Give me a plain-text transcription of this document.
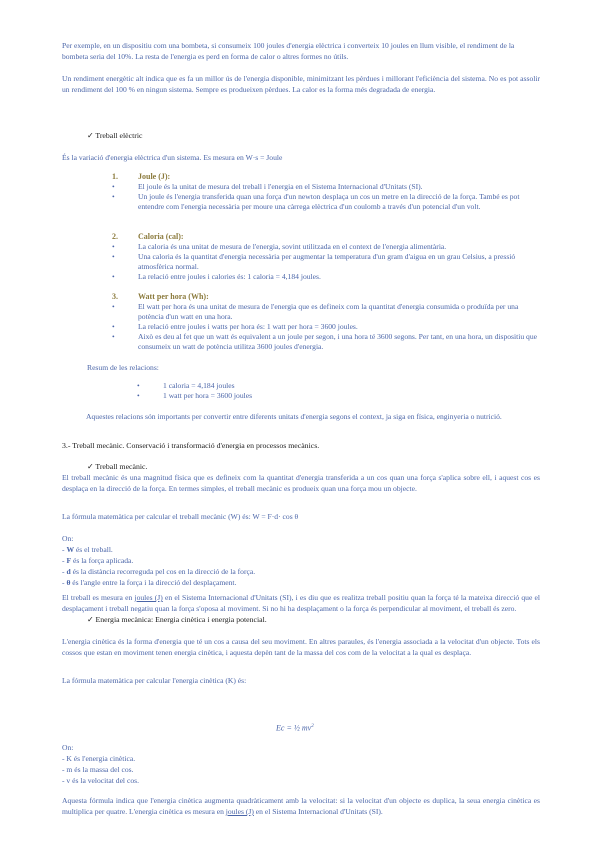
Per exemple, en un dispositiu com una bombeta, si consumeix 100 joules d'energia elèctrica i converteix 10 joules en llum visible, el rendiment de la bombeta seria del 10%. La resta de l'energia es perd en forma de calor o altres formes no útils.

Un rendiment energètic alt indica que es fa un millor ús de l'energia disponible, minimitzant les pèrdues i millorant l'eficiència del sistema. No es pot assolir un rendiment del 100 % en ningun sistema. Sempre es produeixen pèrdues. La calor es la forma més degradada de energia.

✓ Treball elèctric

És la variació d'energia elèctrica d'un sistema. Es mesura en W·s = Joule

1.	Joule (J):

•	El joule és la unitat de mesura del treball i l'energia en el Sistema Internacional d'Unitats (SI).
•	Un joule és l'energia transferida quan una força d'un newton desplaça un cos un metre en la direcció de la força. També es pot entendre com l'energia necessària per moure una càrrega elèctrica d'un coulomb a través d'un potencial d'un volt.

2.	Caloria (cal):

•	La caloria és una unitat de mesura de l'energia, sovint utilitzada en el context de l'energia alimentària.
•	Una caloria és la quantitat d'energia necessària per augmentar la temperatura d'un gram d'aigua en un grau Celsius, a pressió atmosfèrica normal.
•	La relació entre joules i calories és: 1 caloria = 4,184 joules.

3.	Watt per hora (Wh):

•	El watt per hora és una unitat de mesura de l'energia que es defineix com la quantitat d'energia consumida o produïda per una potència d'un watt en una hora.
•	La relació entre joules i watts per hora és: 1 watt per hora = 3600 joules.
•	Això es deu al fet que un watt és equivalent a un joule per segon, i una hora té 3600 segons. Per tant, en una hora, un dispositiu que consumeix un watt de potència utilitza 3600 joules d'energia.

Resum de les relacions:

•	1 caloria = 4,184 joules
•	1 watt per hora = 3600 joules

Aquestes relacions són importants per convertir entre diferents unitats d'energia segons el context, ja siga en física, enginyeria o nutrició.

3.- Treball mecànic. Conservació i transformació d'energia en processos mecànics.

✓ Treball mecànic.

El treball mecànic és una magnitud física que es defineix com la quantitat d'energia transferida a un cos quan una força s'aplica sobre ell, i aquest cos es desplaça en la direcció de la força. En termes simples, el treball mecànic es produeix quan una força mou un objecte.

La fórmula matemàtica per calcular el treball mecànic (W) és: W = F·d· cos θ

On:

- W és el treball.

- F és la força aplicada.

- d és la distància recorreguda pel cos en la direcció de la força.

- θ és l'angle entre la força i la direcció del desplaçament.

El treball es mesura en joules (J) en el Sistema Internacional d'Unitats (SI), i es diu que es realitza treball positiu quan la força té la mateixa direcció que el desplaçament i treball negatiu quan la força s'oposa al moviment. Si no hi ha desplaçament o la força és perpendicular al moviment, el treball és zero.

✓ Energia mecànica: Energia cinètica i energia potencial.

L'energia cinètica és la forma d'energia que té un cos a causa del seu moviment. En altres paraules, és l'energia associada a la velocitat d'un objecte. Tots els cossos que estan en moviment tenen energia cinètica, i aquesta depèn tant de la massa del cos com de la velocitat a la qual es desplaça.

La fórmula matemàtica per calcular l'energia cinètica (K) és:

Ec = ½ $mv^2$

On:

- K és l'energia cinètica.

- m és la massa del cos.

- v és la velocitat del cos.

Aquesta fórmula indica que l'energia cinètica augmenta quadràticament amb la velocitat: si la velocitat d'un objecte es duplica, la seua energia cinètica es multiplica per quatre. L'energia cinètica es mesura en joules (J) en el Sistema Internacional d'Unitats (SI).
